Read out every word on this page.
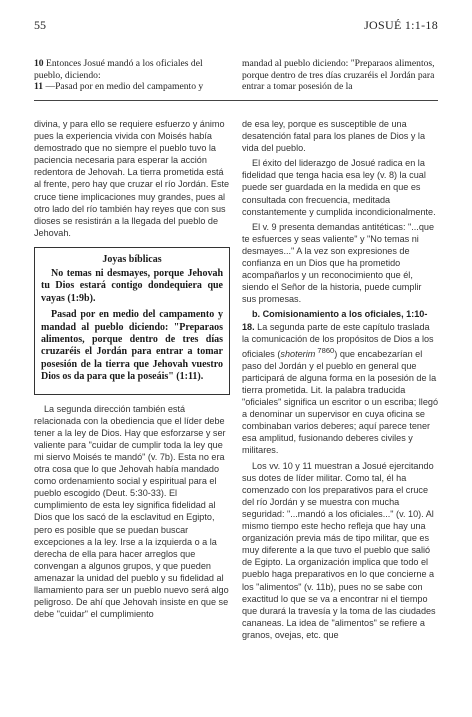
55	JOSUÉ 1:1-18

10 Entonces Josué mandó a los oficiales del pueblo, diciendo:

11 —Pasad por en medio del campamento y

mandad al pueblo diciendo: "Preparaos alimentos, porque dentro de tres días cruzaréis el Jordán para entrar a tomar posesión de la

divina, y para ello se requiere esfuerzo y ánimo pues la experiencia vivida con Moisés había demostrado que no siempre el pueblo tuvo la paciencia necesaria para esperar la acción redentora de Jehovah. La tierra prometida está al frente, pero hay que cruzar el río Jordán. Este cruce tiene implicaciones muy grandes, pues al otro lado del río también hay reyes que con sus dioses se resistirán a la llegada del pueblo de Jehovah.

Joyas bíblicas

No temas ni desmayes, porque Jehovah tu Dios estará contigo dondequiera que vayas (1:9b).

Pasad por en medio del campamento y mandad al pueblo diciendo: "Preparaos alimentos, porque dentro de tres días cruzaréis el Jordán para entrar a tomar posesión de la tierra que Jehovah vuestro Dios os da para que la poseáis" (1:11).

La segunda dirección también está relacionada con la obediencia que el líder debe tener a la ley de Dios. Hay que esforzarse y ser valiente para "cuidar de cumplir toda la ley que mi siervo Moisés te mandó" (v. 7b). Esta no era otra cosa que lo que Jehovah había mandado como ordenamiento social y espiritual para el pueblo escogido (Deut. 5:30-33). El cumplimiento de esta ley significa fidelidad al Dios que los sacó de la esclavitud en Egipto, pero es posible que se puedan buscar excepciones a la ley. Irse a la izquierda o a la derecha de ella para hacer arreglos que convengan a algunos grupos, y que pueden amenazar la unidad del pueblo y su fidelidad al llamamiento para ser un pueblo nuevo será algo peligroso. De ahí que Jehovah insiste en que se debe "cuidar" el cumplimiento

de esa ley, porque es susceptible de una desatención fatal para los planes de Dios y la vida del pueblo.

El éxito del liderazgo de Josué radica en la fidelidad que tenga hacia esa ley (v. 8) la cual puede ser guardada en la medida en que es consultada con frecuencia, meditada constantemente y cumplida incondicionalmente.

El v. 9 presenta demandas antitéticas: "...que te esfuerces y seas valiente" y "No temas ni desmayes..." A la vez son expresiones de confianza en un Dios que ha prometido acompañarlos y un reconocimiento que él, siendo el Señor de la historia, puede cumplir sus promesas.

b. Comisionamiento a los oficiales, 1:10-18. La segunda parte de este capítulo traslada la comunicación de los propósitos de Dios a los oficiales (shoterim $^{7860}$) que encabezarían el paso del Jordán y el pueblo en general que participará de alguna forma en la posesión de la tierra prometida. Lit. la palabra traducida "oficiales" significa un escritor o un escriba; llegó a denominar un supervisor en cuya oficina se combinaban varios deberes; aquí parece tener esa amplitud, fusionando deberes civiles y militares.

Los vv. 10 y 11 muestran a Josué ejercitando sus dotes de líder militar. Como tal, él ha comenzado con los preparativos para el cruce del río Jordán y se muestra con mucha seguridad: "...mandó a los oficiales..." (v. 10). Al mismo tiempo este hecho refleja que hay una organización previa más de tipo militar, que es muy diferente a la que tuvo el pueblo que salió de Egipto. La organización implica que todo el pueblo haga preparativos en lo que concierne a los "alimentos" (v. 11b), pues no se sabe con exactitud lo que se va a encontrar ni el tiempo que durará la travesía y la toma de las ciudades cananeas. La idea de "alimentos" se refiere a granos, ovejas, etc. que
